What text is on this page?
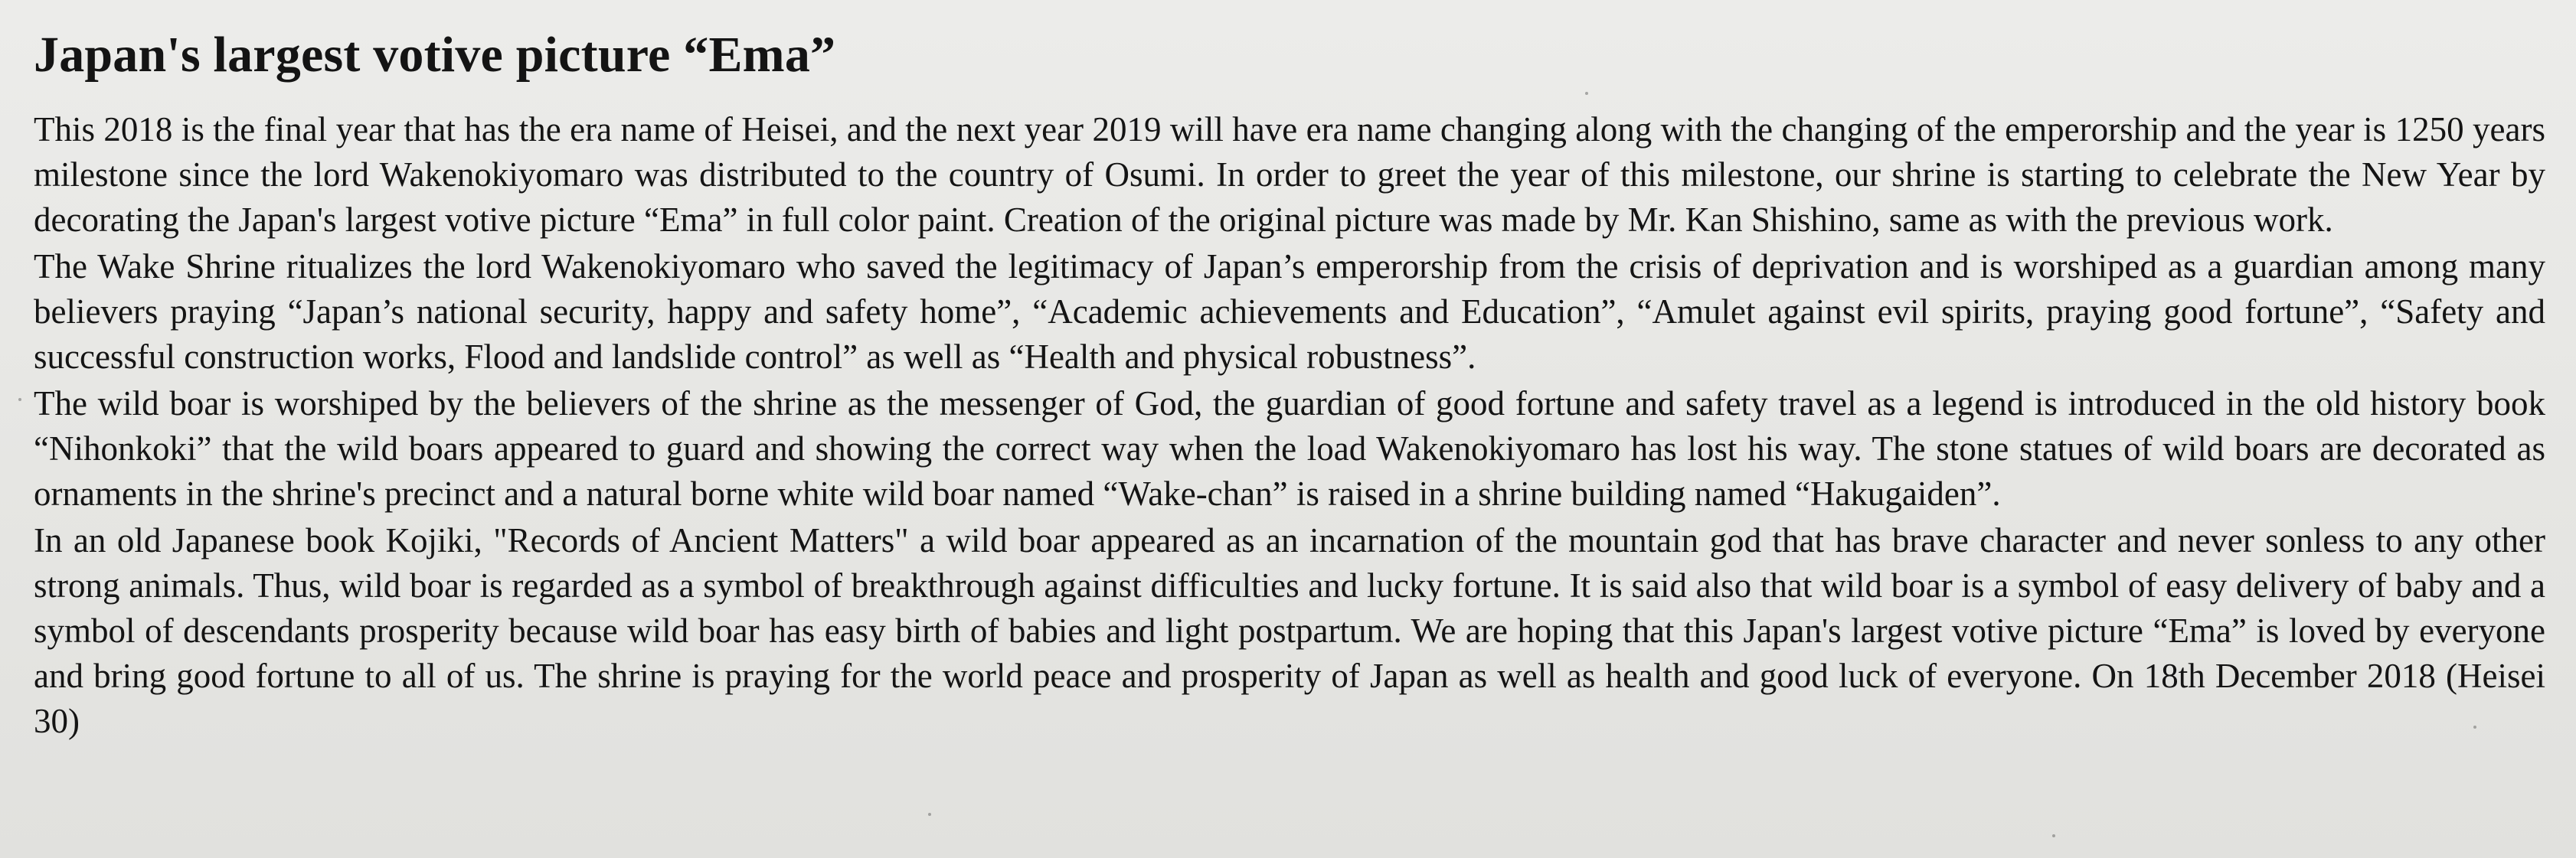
Japan's largest votive picture “Ema”

This 2018 is the final year that has the era name of Heisei, and the next year 2019 will have era name changing along with the changing of the emperorship and the year is 1250 years milestone since the lord Wakenokiyomaro was distributed to the country of Osumi. In order to greet the year of this milestone, our shrine is starting to celebrate the New Year by decorating the Japan's largest votive picture “Ema” in full color paint. Creation of the original picture was made by Mr. Kan Shishino, same as with the previous work.

The Wake Shrine ritualizes the lord Wakenokiyomaro who saved the legitimacy of Japan’s emperorship from the crisis of deprivation and is worshiped as a guardian among many believers praying “Japan’s national security, happy and safety home”, “Academic achievements and Education”, “Amulet against evil spirits, praying good fortune”, “Safety and successful construction works, Flood and landslide control” as well as “Health and physical robustness”.

The wild boar is worshiped by the believers of the shrine as the messenger of God, the guardian of good fortune and safety travel as a legend is introduced in the old history book “Nihonkoki” that the wild boars appeared to guard and showing the correct way when the load Wakenokiyomaro has lost his way. The stone statues of wild boars are decorated as ornaments in the shrine's precinct and a natural borne white wild boar named “Wake-chan” is raised in a shrine building named “Hakugaiden”.

In an old Japanese book Kojiki, "Records of Ancient Matters" a wild boar appeared as an incarnation of the mountain god that has brave character and never sonless to any other strong animals. Thus, wild boar is regarded as a symbol of breakthrough against difficulties and lucky fortune. It is said also that wild boar is a symbol of easy delivery of baby and a symbol of descendants prosperity because wild boar has easy birth of babies and light postpartum. We are hoping that this Japan's largest votive picture “Ema” is loved by everyone and bring good fortune to all of us. The shrine is praying for the world peace and prosperity of Japan as well as health and good luck of everyone. On 18th December 2018 (Heisei 30)
